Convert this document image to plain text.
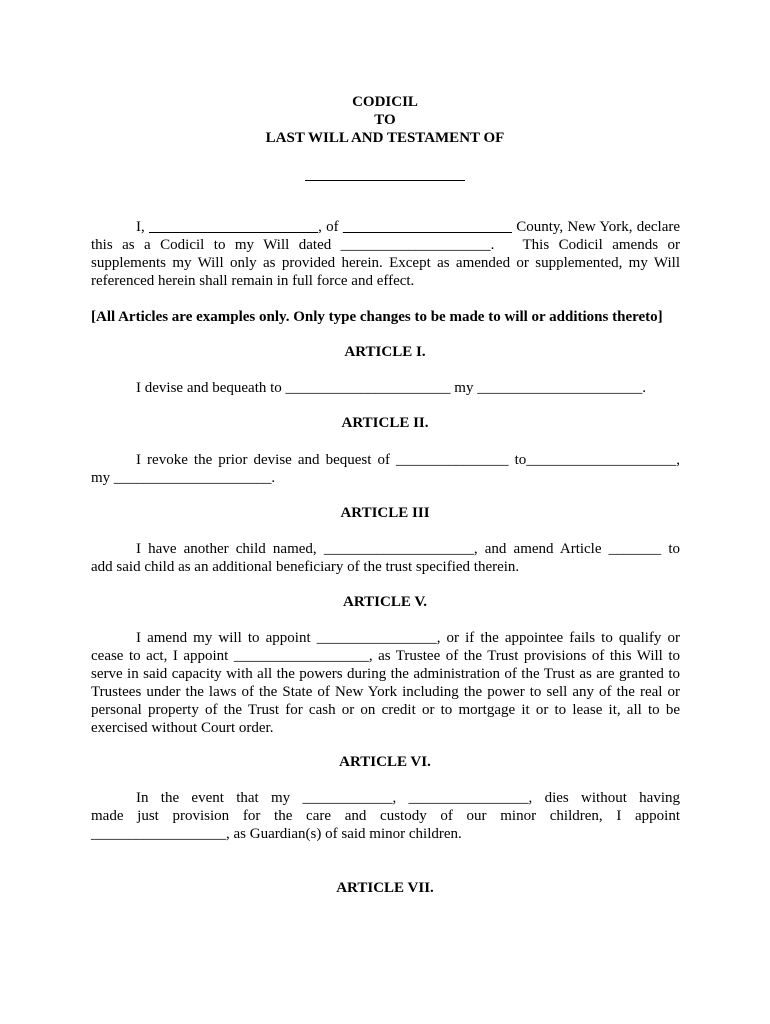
CODICIL
TO
LAST WILL AND TESTAMENT OF
I,	, of	County, New York, declare
this as a Codicil to my Will dated ____________________.   This Codicil amends or
supplements my Will only as provided herein. Except as amended or supplemented, my Will
referenced herein shall remain in full force and effect.
[All Articles are examples only. Only type changes to be made to will or additions thereto]
ARTICLE I.
I devise and bequeath to ______________________ my ______________________.
ARTICLE II.
I revoke the prior devise and bequest of _______________ to____________________,
my _____________________.
ARTICLE III
I have another child named, ____________________, and amend Article _______ to
add said child as an additional beneficiary of the trust specified therein.
ARTICLE V.
I amend my will to appoint ________________, or if the appointee fails to qualify or
cease to act, I appoint __________________, as Trustee of the Trust provisions of this Will to
serve in said capacity with all the powers during the administration of the Trust as are granted to
Trustees under the laws of the State of New York including the power to sell any of the real or
personal property of the Trust for cash or on credit or to mortgage it or to lease it, all to be
exercised without Court order.
ARTICLE VI.
In the event that my ____________, ________________, dies without having
made just provision for the care and custody of our minor children, I appoint
__________________, as Guardian(s) of said minor children.
ARTICLE VII.
